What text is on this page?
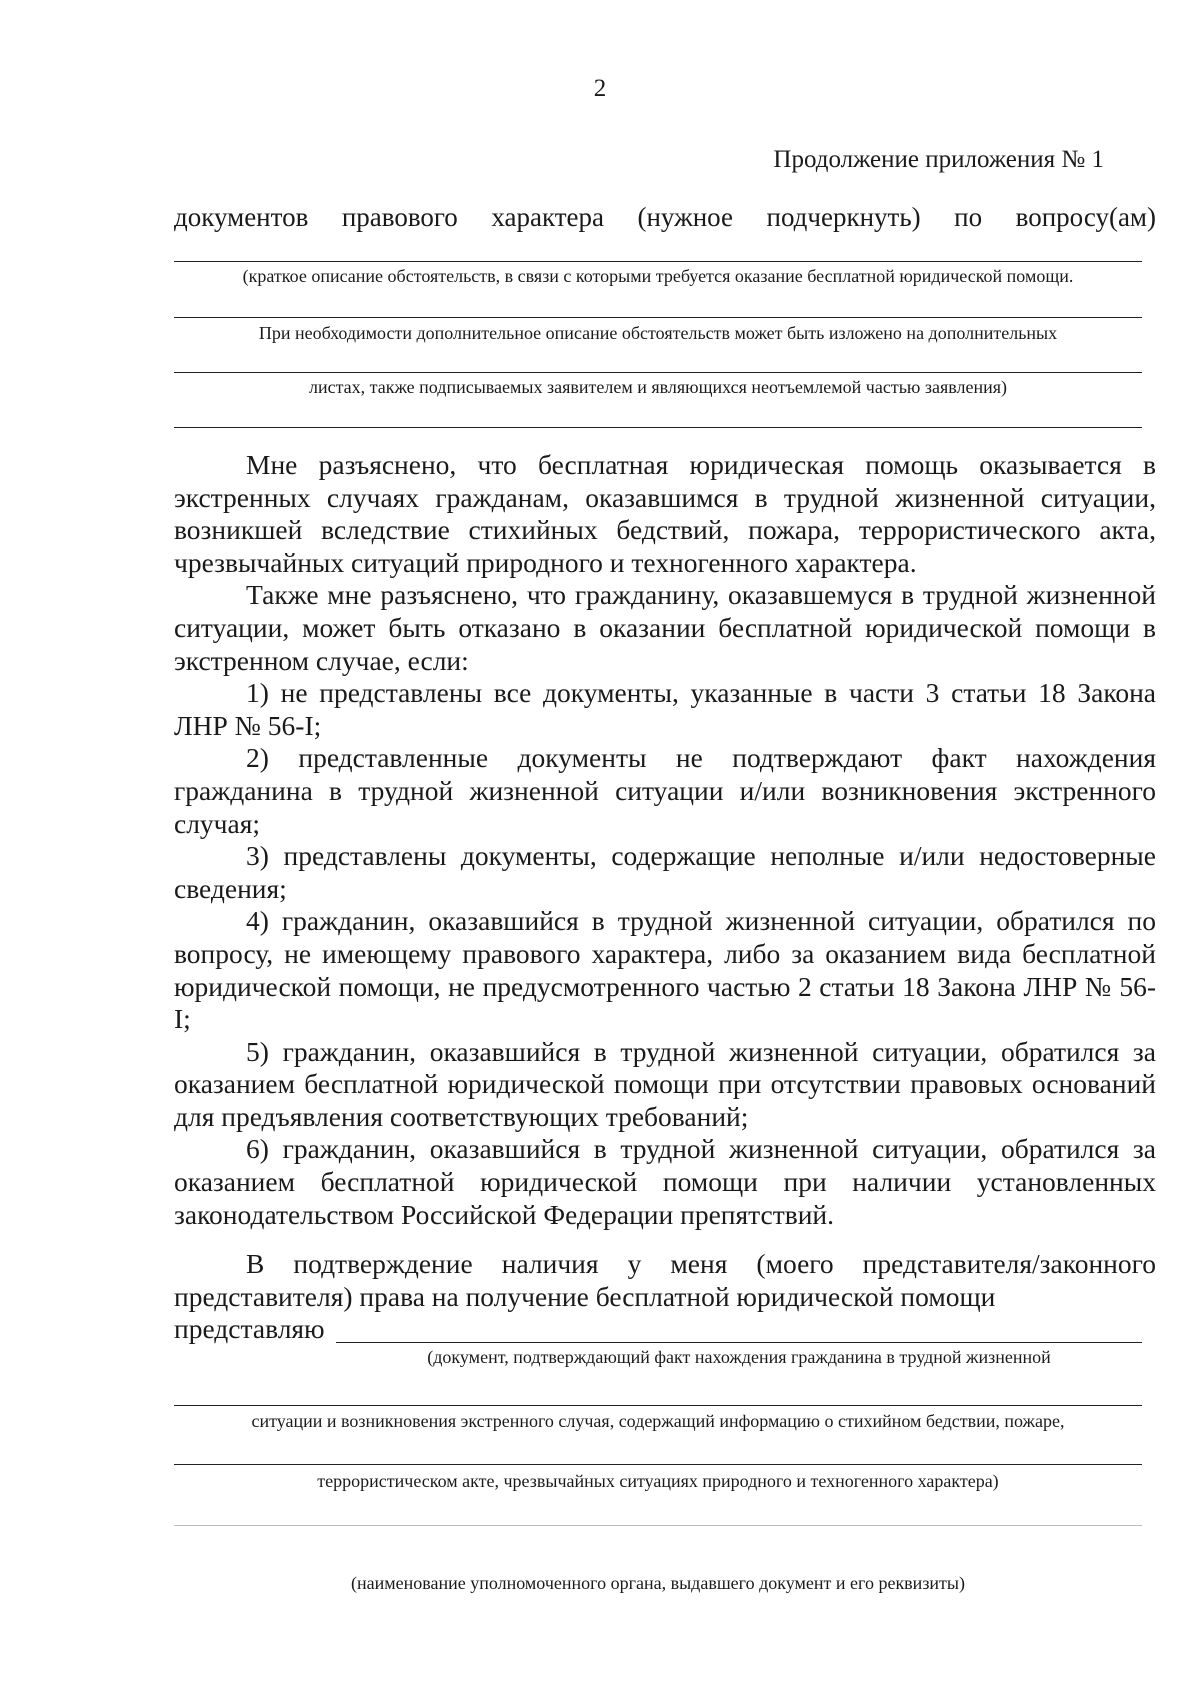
2
Продолжение приложения № 1
документов правового характера (нужное подчеркнуть) по вопросу(ам)
(краткое описание обстоятельств, в связи с которыми требуется оказание бесплатной юридической помощи.
При необходимости дополнительное описание обстоятельств может быть изложено на дополнительных
листах, также подписываемых заявителем и являющихся неотъемлемой частью заявления)

Мне разъяснено, что бесплатная юридическая помощь оказывается в экстренных случаях гражданам, оказавшимся в трудной жизненной ситуации, возникшей вследствие стихийных бедствий, пожара, террористического акта, чрезвычайных ситуаций природного и техногенного характера.

Также мне разъяснено, что гражданину, оказавшемуся в трудной жизненной ситуации, может быть отказано в оказании бесплатной юридической помощи в экстренном случае, если:

1) не представлены все документы, указанные в части 3 статьи 18 Закона ЛНР № 56-I;

2) представленные документы не подтверждают факт нахождения гражданина в трудной жизненной ситуации и/или возникновения экстренного случая;

3) представлены документы, содержащие неполные и/или недостоверные сведения;

4) гражданин, оказавшийся в трудной жизненной ситуации, обратился по вопросу, не имеющему правового характера, либо за оказанием вида бесплатной юридической помощи, не предусмотренного частью 2 статьи 18 Закона ЛНР № 56-I;

5) гражданин, оказавшийся в трудной жизненной ситуации, обратился за оказанием бесплатной юридической помощи при отсутствии правовых оснований для предъявления соответствующих требований;

6) гражданин, оказавшийся в трудной жизненной ситуации, обратился за оказанием бесплатной юридической помощи при наличии установленных законодательством Российской Федерации препятствий.

В подтверждение наличия у меня (моего представителя/законного представителя) права на получение бесплатной юридической помощи

представляю
(документ, подтверждающий факт нахождения гражданина в трудной жизненной
ситуации и возникновения экстренного случая, содержащий информацию о стихийном бедствии, пожаре,
террористическом акте, чрезвычайных ситуациях природного и техногенного характера)
(наименование уполномоченного органа, выдавшего документ и его реквизиты)
